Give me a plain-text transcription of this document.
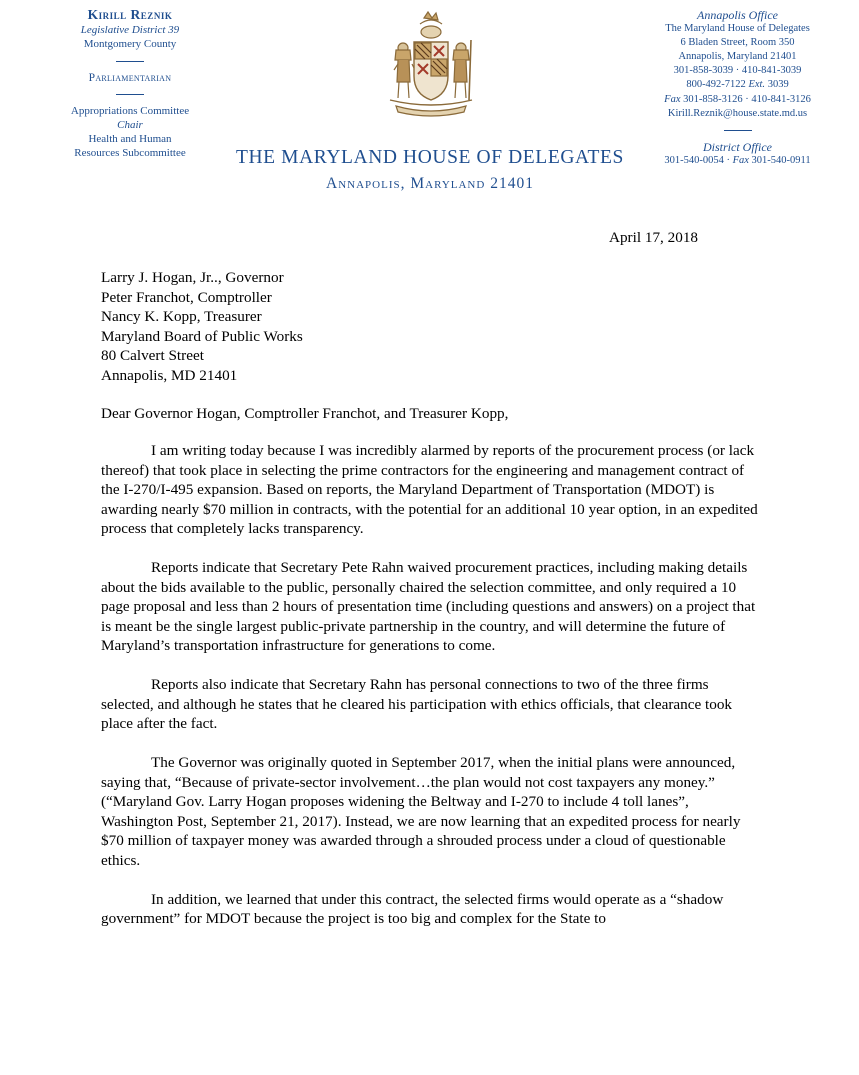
Kirill Reznik
Legislative District 39
Montgomery County
Parliamentarian
Appropriations Committee
Chair
Health and Human
Resources Subcommittee
Annapolis Office
The Maryland House of Delegates
6 Bladen Street, Room 350
Annapolis, Maryland 21401
301-858-3039 · 410-841-3039
800-492-7122 Ext. 3039
Fax 301-858-3126 · 410-841-3126
Kirill.Reznik@house.state.md.us
District Office
301-540-0054 · Fax 301-540-0911
THE MARYLAND HOUSE OF DELEGATES
Annapolis, Maryland 21401
April 17, 2018
Larry J. Hogan, Jr.., Governor
Peter Franchot, Comptroller
Nancy K. Kopp, Treasurer
Maryland Board of Public Works
80 Calvert Street
Annapolis, MD 21401
Dear Governor Hogan, Comptroller Franchot, and Treasurer Kopp,

I am writing today because I was incredibly alarmed by reports of the procurement process (or lack thereof) that took place in selecting the prime contractors for the engineering and management contract of the I-270/I-495 expansion. Based on reports, the Maryland Department of Transportation (MDOT) is awarding nearly $70 million in contracts, with the potential for an additional 10 year option, in an expedited process that completely lacks transparency.

Reports indicate that Secretary Pete Rahn waived procurement practices, including making details about the bids available to the public, personally chaired the selection committee, and only required a 10 page proposal and less than 2 hours of presentation time (including questions and answers) on a project that is meant be the single largest public-private partnership in the country, and will determine the future of Maryland’s transportation infrastructure for generations to come.

Reports also indicate that Secretary Rahn has personal connections to two of the three firms selected, and although he states that he cleared his participation with ethics officials, that clearance took place after the fact.

The Governor was originally quoted in September 2017, when the initial plans were announced, saying that, “Because of private-sector involvement…the plan would not cost taxpayers any money.” (“Maryland Gov. Larry Hogan proposes widening the Beltway and I-270 to include 4 toll lanes”, Washington Post, September 21, 2017). Instead, we are now learning that an expedited process for nearly $70 million of taxpayer money was awarded through a shrouded process under a cloud of questionable ethics.

In addition, we learned that under this contract, the selected firms would operate as a “shadow government” for MDOT because the project is too big and complex for the State to
